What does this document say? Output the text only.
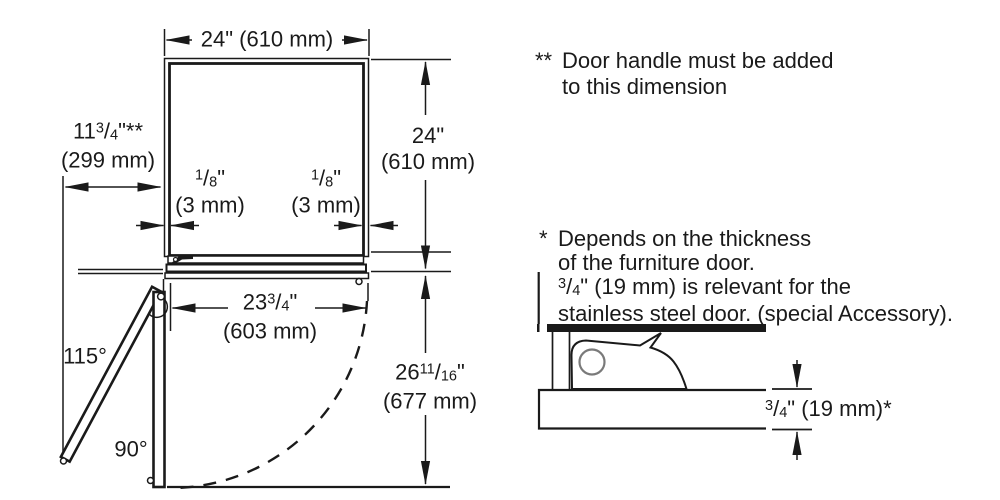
24" (610 mm)
$11^3/4"**$
(299 mm)
$^1$/8"
(3 mm)
$^1$/8"
(3 mm)
24"
(610 mm)
$23^3/4$"
(603 mm)
$26^{11}/16$"
(677 mm)
115°
90°
** Door handle must be added
to this dimension
* Depends on the thickness
of the furniture door.
$^3$/4" (19 mm) is relevant for the
stainless steel door. (special Accessory).
$^3$/4" (19 mm)*
